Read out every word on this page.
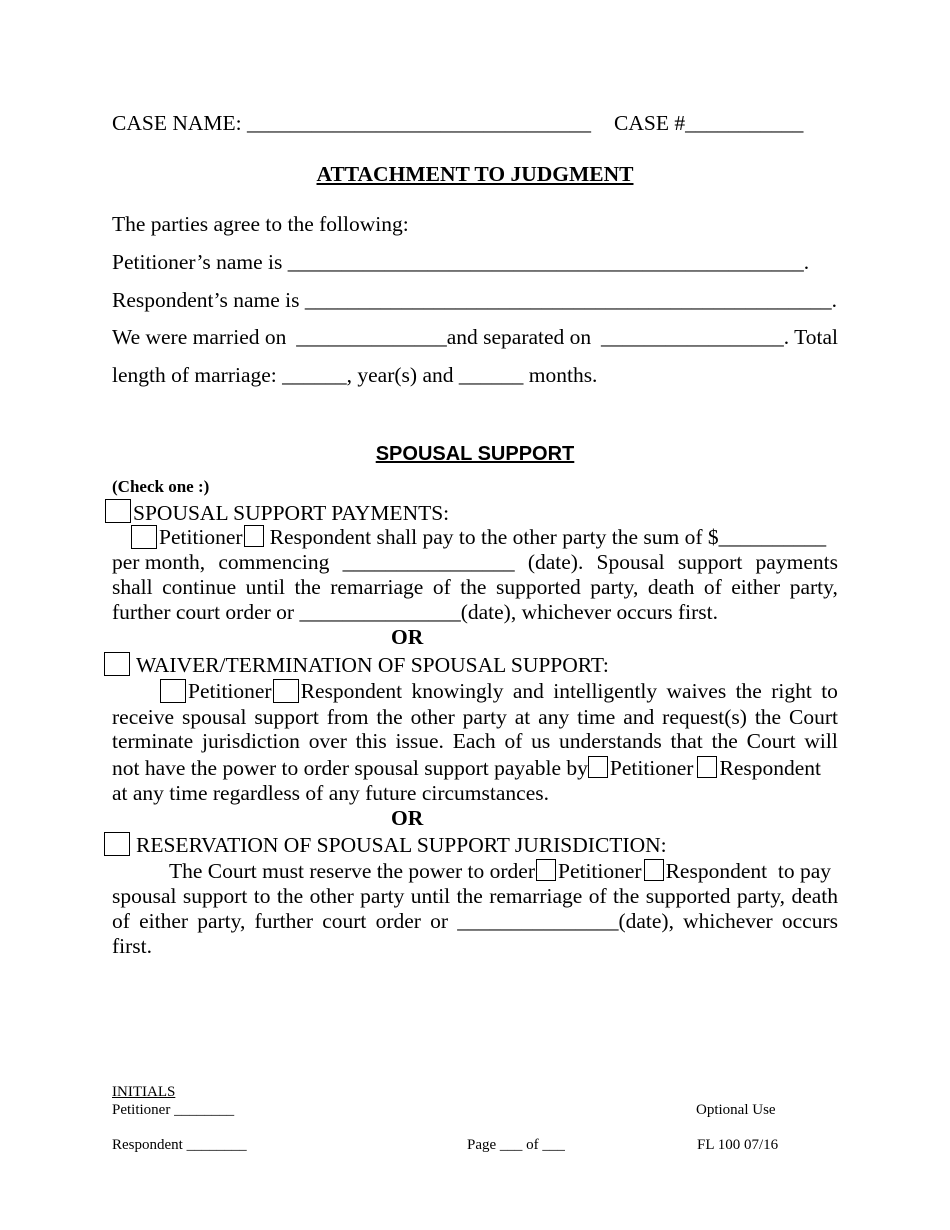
CASE NAME: ________________________________ CASE #___________
ATTACHMENT TO JUDGMENT
The parties agree to the following:
Petitioner’s name is ________________________________________________.
Respondent’s name is _________________________________________________.
We were married on ______________and separated on _________________. Total
length of marriage: ______, year(s) and ______ months.
SPOUSAL SUPPORT
(Check one :)
SPOUSAL SUPPORT PAYMENTS:
Petitioner Respondent shall pay to the other party the sum of $__________
per month, commencing ________________ (date). Spousal support payments
shall continue until the remarriage of the supported party, death of either party,
further court order or _______________(date), whichever occurs first.
OR
WAIVER/TERMINATION OF SPOUSAL SUPPORT:
Petitioner Respondent knowingly and intelligently waives the right to
receive spousal support from the other party at any time and request(s) the Court
terminate jurisdiction over this issue. Each of us understands that the Court will
not have the power to order spousal support payable by Petitioner Respondent
at any time regardless of any future circumstances.
OR
RESERVATION OF SPOUSAL SUPPORT JURISDICTION:
The Court must reserve the power to order Petitioner Respondent  to pay
spousal support to the other party until the remarriage of the supported party, death
of either party, further court order or _______________(date), whichever occurs
first.
INITIALS
Petitioner ________
Respondent ________	Page ___ of ___
Optional Use
FL 100 07/16
